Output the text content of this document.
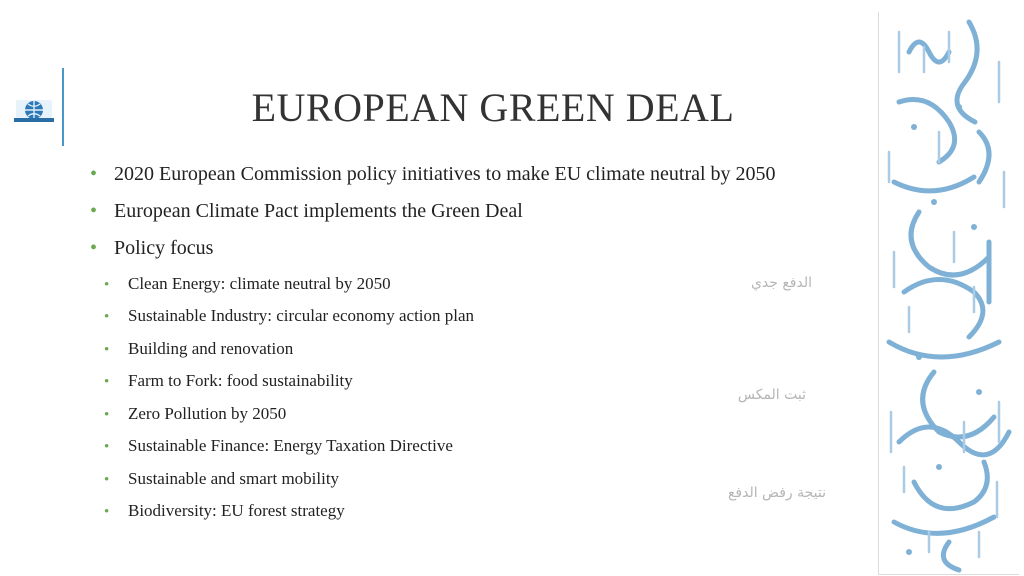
EUROPEAN GREEN DEAL
• 2020 European Commission policy initiatives to make EU climate neutral by 2050
• European Climate Pact implements the Green Deal
• Policy focus
• Clean Energy: climate neutral by 2050
• Sustainable Industry: circular economy action plan
• Building and renovation
• Farm to Fork: food sustainability
• Zero Pollution by 2050
• Sustainable Finance: Energy Taxation Directive
• Sustainable and smart mobility
• Biodiversity: EU forest strategy
الدفع جدي
ثبت المكس
نتيجة رفض الدفع
